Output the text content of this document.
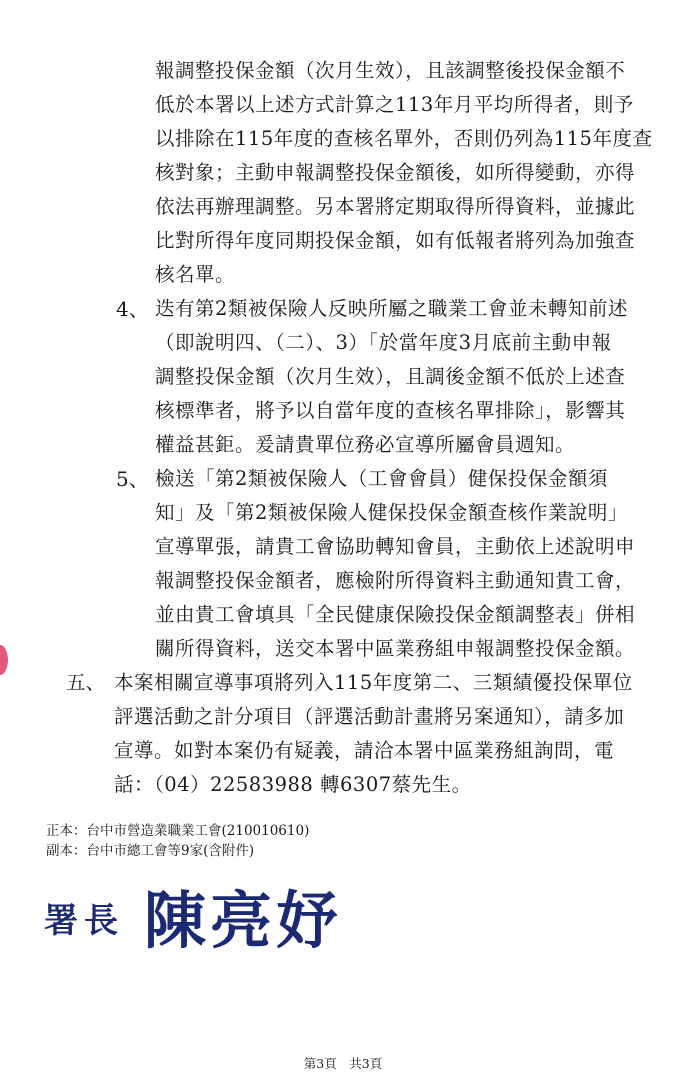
報調整投保金額（次月生效），且該調整後投保金額不
低於本署以上述方式計算之113年月平均所得者，則予
以排除在115年度的查核名單外，否則仍列為115年度查
核對象；主動申報調整投保金額後，如所得變動，亦得
依法再辦理調整。另本署將定期取得所得資料，並據此
比對所得年度同期投保金額，如有低報者將列為加強查
核名單。
4、 迭有第2類被保險人反映所屬之職業工會並未轉知前述
（即說明四、（二）、3）「於當年度3月底前主動申報
調整投保金額（次月生效），且調後金額不低於上述查
核標準者，將予以自當年度的查核名單排除」，影響其
權益甚鉅。爰請貴單位務必宣導所屬會員週知。
5、 檢送「第2類被保險人（工會會員）健保投保金額須
知」及「第2類被保險人健保投保金額查核作業說明」
宣導單張，請貴工會協助轉知會員，主動依上述說明申
報調整投保金額者，應檢附所得資料主動通知貴工會，
並由貴工會填具「全民健康保險投保金額調整表」併相
關所得資料，送交本署中區業務組申報調整投保金額。
五、 本案相關宣導事項將列入115年度第二、三類績優投保單位
評選活動之計分項目（評選活動計畫將另案通知），請多加
宣導。如對本案仍有疑義，請洽本署中區業務組詢問，電
話：（04）22583988 轉6307蔡先生。
正本：台中市營造業職業工會(210010610)
副本：台中市總工會等9家(含附件)
署長 陳亮妤
第3頁　共3頁
